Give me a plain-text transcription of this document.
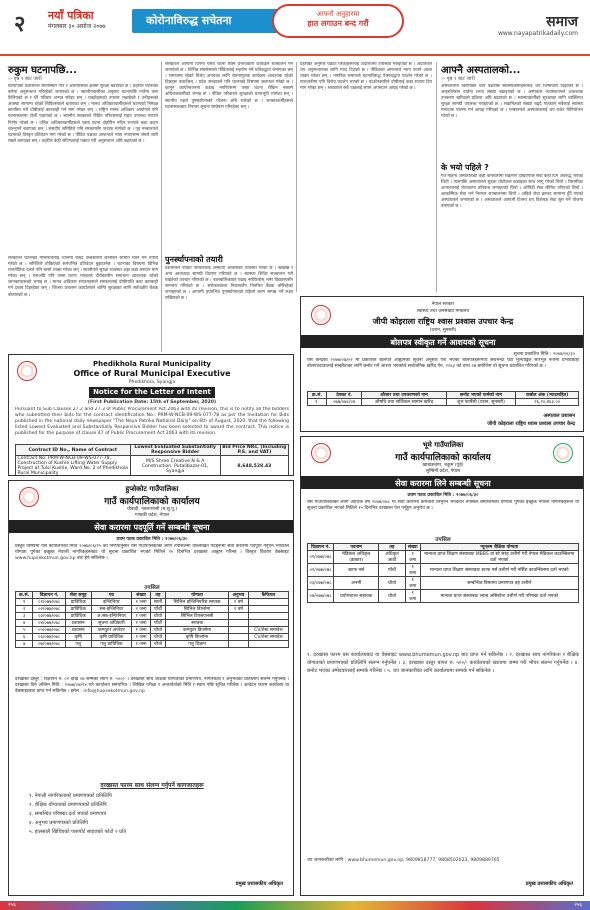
२ नयाँ पत्रिका
मंगलबार ३० असोज २०७७	कोरोनाविरुद्ध सचेतना	आफ्नो अनुहारमा
हात लगाउन बन्द गरौं	समाज
www.nayapatrikadaily.com
रुकुम घटनापछि...
›› पृष्ठ १ बाट जारी
घटनापछि प्रशासनले सोतीस्थित गाउँ र आसपासका क्षेत्रमा सुरक्षा बढाएको छ । प्रहरीले घटनाका बारेमा अनुसन्धान गरिरहेको जनाएको छ । स्थानीयवासीका अनुसार घटनापछि गाउँमा त्रास फैलिएको छ र धेरै परिवार अन्यत्र सरेका छन् । घाइतेहरूको उपचार भइरहेको र उनीहरूको अवस्था सामान्य रहेको चिकित्सकले बताएका छन् । मानव अधिकारकर्मीहरूले घटनाको निष्पक्ष छानबिन गरी दोषीलाई कारबाही गर्न माग गरेका छन् । राष्ट्रिय मानव अधिकार आयोगले पनि घटनास्थलमा टोली पठाएको छ । स्थानीय सरकारले पीडित परिवारलाई राहत उपलब्ध गराउने निर्णय गरेको छ । दलित अधिकारकर्मीहरूले यस्ता घटना दोहोरिन नदिन राज्यले कडा कदम चाल्नुपर्ने बताएका छन् । संसदीय समितिले पनि सरकारसँग जवाफ मागेको छ । गृह मन्त्रालयले घटनाको विस्तृत प्रतिवेदन माग गरेको छ । पीडित पक्षका आफन्तले न्याय नपाएसम्म संघर्ष जारी राख्ने बताएका छन् । प्रहरीले केही संदिग्धलाई पक्राउ गरी अनुसन्धान अघि बढाएको छ ।
सरकारले घटनाको गम्भीरतालाई ध्यानमा राख्दै उच्चस्तरीय छानबिन समिति गठन गर्ने तयारी गरेको छ । समितिले तोकिएको समयभित्र प्रतिवेदन बुझाउनेछ । घटनाका विषयमा विभिन्न राजनीतिक दलले पनि चासो व्यक्त गरेका छन् । स्थानीयले सुरक्षा व्यवस्था अझ कडा बनाउन माग गरेका छन् । यसअघि पनि यस्ता घटना भएकाले दीर्घकालीन समाधान आवश्यक रहेको जानकारहरूको भनाइ छ । मानव अधिकार संगठनहरूले सरकारलाई दोषीमाथि कडा कारबाही गर्न दबाब दिइरहेका छन् । जिल्ला प्रशासन कार्यालयले शान्ति सुरक्षाका लागि सर्वपक्षीय बैठक बोलाएको छ ।
सरकारले आगामी दिनमा यस्ता घटना रोक्न प्रभावकारी कार्यक्रम सञ्चालन गर्ने जनाएको छ । विभिन्न संघसंस्थाले पीडितलाई सहयोग गर्ने प्रतिबद्धता जनाएका छन् । समाजमा रहेको विभेद अन्त्यका लागि चेतनामूलक कार्यक्रम आवश्यक रहेको विज्ञहरू बताउँछन् । प्रदेश सरकारले पनि घटनाको विषयमा छलफल गरेको छ । कानुन कार्यान्वयनमा कडाइ नगरिएसम्म यस्ता घटना रोकिन नसक्ने अधिकारकर्मीको भनाइ छ । पीडित परिवारले सुरक्षाको प्रत्याभूति मागेका छन् । स्थानीय तहले पुनर्स्थापनाको योजना अघि सारेको छ । सञ्चारकर्मीहरूले घटनास्थलबाट निरन्तर सूचना सम्प्रेषण गरिरहेका छन् ।
पुनर्स्थापनाको तयारी
प्रशासनले पीडित परिवारलाई अस्थायी आवासको व्यवस्था गरेको छ । खाद्यान्न र अन्य आवश्यक सामग्री वितरण गरिएको छ । स्वास्थ्य शिविर सञ्चालन गरी घाइतेको उपचार गरिएको छ । बालबालिकाको पढाइ नरोकियोस् भनेर विद्यालयसँग समन्वय गरिएको छ । सरोकारवाला निकायसँग नियमित बैठक बसिरहेको जनाइएको छ । आगामी हप्ताभित्र पुनर्स्थापनाको पहिलो चरण सम्पन्न गर्ने लक्ष्य राखिएको छ ।
प्रहरीका अनुसार पक्राउ परेकाहरूलाई अदालतमा उपस्थित गराइएको छ । अदालतले थप अनुसन्धानका लागि म्याद दिएको छ । पीडितका आफन्तले न्याय पाउने आशा व्यक्त गरेका छन् । नागरिक समाजले घटनाविरुद्ध ऐक्यबद्धता प्रदर्शन गरेको छ । राजधानीमा पनि विरोध प्रदर्शन भएको छ । प्रदर्शनकारीले दोषीलाई कडा सजाय दिन माग गरेका छन् । सरकारले सबै पक्षलाई संयम अपनाउन आग्रह गरेको छ ।
आफ्नै अस्पतालको...
›› पृष्ठ १ बाट जारी
अस्पतालमा बिरामीको चाप बढेपछि स्वास्थ्यकर्मीहरूलाई थप जिम्मेवारी दिइएको छ । आइसोलेसन वार्डमा शय्या संख्या बढाइएको छ । अस्पताल व्यवस्थापनले आवश्यक उपकरण खरिदको प्रक्रिया अघि बढाएको छ । स्वास्थ्यकर्मीको सुरक्षाका लागि व्यक्तिगत सुरक्षा सामग्री उपलब्ध गराइएको छ । संक्रमितको संख्या बढ्दै गएकाले सबैलाई स्वास्थ्य मापदण्ड पालना गर्न आग्रह गरिएको छ । मन्त्रालयले अस्पताललाई थप बजेट विनियोजन गरेको छ ।
के भयो पहिले ?
गत महिना अस्पतालका केही कर्मचारीमा संक्रमण देखिएपछि सेवा केही दिन अवरुद्ध भएको थियो । त्यसपछि अस्पतालले सुरक्षा प्रोटोकल कडाइका साथ लागु गरेको थियो । बिरामीका आफन्तलाई भेटघाटमा प्रतिबन्ध लगाइएको थियो । ओपिडी सेवा सीमित गरिएको थियो । आकस्मिक सेवा भने निरन्तर सञ्चालनमा थियो । अहिले सेवा क्रमशः सामान्य हुँदै गएको अस्पतालले जनाएको छ । अस्पतालले आगामी दिनमा थप विशेषज्ञ सेवा सुरु गर्ने योजना बनाएको छ ।
Phedikhola Rural Municipality
Office of Rural Municipal Executive
Phedikhola, Syangja
Notice for the Letter of Intent
(First Publication Date: 15th of September, 2020)
Pursuant to Sub Clauses 27.2 and 27.3 of Public Procurement Act 2063 with its revision, this is to notify all the bidders who submitted their bids for the contract identification No.: PRM-W-NCB-09-WS-077-78 as per the Invitation for Bids published in the national daily newspaper "The Naya Patrika National Daily" on 6th of August, 2020, that the following listed Lowest Evaluated and Substantially Responsive Bidder has been selected to award the contract. This notice is published for the purpose of clause 47 of Public Procurement Act 2063 with its revision.
Contract ID No., Name of Contract	Lowest Evaluated Substantially Responsive Bidder	Bid Price NRs. (Including P.S. and VAT)
Contract No: PRM-W-NCB-09-WS-077-78, Construction of Kushle Lifting Water Supply Project at Tulsi Kushle, Ward No. 2 of Phedikhola Rural Municipality	M/S Shree Creative N & A Construction, Putalibazar-01, Syangja	8,648,528.43
नेपाल सरकार
स्वास्थ्य तथा जनसंख्या मन्त्रालय
जीपी कोइराला राष्ट्रिय श्वास प्रश्वास उपचार केन्द्र
(धरान, सुनसरी)
बोलपत्र स्वीकृत गर्ने आशयको सूचना
सूचना प्रकाशित मिति : २०७७/०६/३०
यस केन्द्रको २०७७/०७/०२ मा प्रकाशित बोलपत्र आह्वानको सूचना अनुसार पेश भएका बोलपत्रहरूमध्ये सबैभन्दा घटी मूल्याङ्कित सारभूत रूपमा प्रभावग्राही बोलपत्रदातालाई सम्झौताका लागि छनोट गर्ने आशय भएकोले सार्वजनिक खरिद ऐन, २०६३ को दफा २७ बमोजिम यो सूचना प्रकाशित गरिएको छ ।
क्र.सं.	ठेक्का नं.	औजार तथा उपकरणको नाम	छनोट भएको फर्मको नाम	कबोल अंक (भ्याटसहित)
१.	०७७/०७८/०४	औषधि तथा सर्जिकल सामान खरिद	शुभ फार्मेसी (धरान, सुनसरी)	२६,२०,४६३.००
अस्पताल प्रशासन
जीपी कोइराला राष्ट्रिय श्वास प्रश्वास उपचार केन्द्र
हुप्सेकोट गाउँपालिका
गाउँ कार्यपालिकाको कार्यालय
धौबादी, नवलपरासी (ब.सु.पू.)
गण्डकी प्रदेश, नेपाल
सेवा करारमा पदपूर्ति गर्ने सम्बन्धी सूचना
प्रथम पटक प्रकाशित मिति : २०७७/०६/३०
प्रस्तुत विषयमा यस कार्यालयको मिति २०७७/०६/२५ को निर्णयानुसार यस गाउँपालिकाको लागि तपसिलमा उल्लिखित पदहरूमा सेवा करारमा पदपूर्ति गर्नुपर्ने भएकोले योग्यता पुगेका इच्छुक नेपाली नागरिकहरूबाट यो सूचना प्रकाशित भएको मितिले १५ दिनभित्र दरखास्त आह्वान गरिन्छ । विस्तृत विवरण वेबसाइट www.hupsekotmun.gov.np बाट हेर्न सकिनेछ ।
तपसिल
क्र.सं.	विज्ञापन नं.	सेवा समूह	पद	संख्या	तह	योग्यता	अनुभव	कैफियत
१	०१/०७७/०७८	प्राविधिक	इन्जिनियर	१ जना	सातौं	सिभिल इन्जिनियरिङ स्नातक	१ वर्ष	
२	०२/०७७/०७८	प्राविधिक	सब-इन्जिनियर	२ जना	पाँचौं	सिभिल डिप्लोमा	१ वर्ष	
३	०३/०७७/०७८	प्राविधिक	अ.सब-इन्जिनियर	१ जना	चौथो	सिभिल टिएसएलसी		
४	०४/०७७/०७८	प्रशासन	सूचना अधिकारी	१ जना	पाँचौं	स्नातक		
५	०५/०७७/०७८	प्रशासन	कम्प्युटर अपरेटर	१ जना	चौथो	कम्प्युटर डिप्लोमा		CV/टेस्ट समावेश
६	०६/०७७/०७८	कृषि	कृषि प्राविधिक	१ जना	चौथो	कृषि डिप्लोमा		CV/टेस्ट समावेश
७	०७/०७७/०७८	पशु	पशु प्राविधिक	१ जना	चौथो	पशु विज्ञान		
दरखास्त दस्तुर : विज्ञापन नं. ०१ देखि ०७ सम्मका लागि रु. ५००/- । दरखास्त साथ शैक्षिक योग्यताका प्रमाणपत्र, नागरिकता र अनुभवको प्रतिलिपि संलग्न गर्नुपर्नेछ । दरखास्त दिने अन्तिम मिति : २०७७/०७/१४ गते कार्यालय समयभित्र । लिखित परीक्षा र अन्तर्वार्ताको मिति र स्थान पछि सूचित गरिनेछ । आवेदन फारम कार्यालय वा वेबसाइटबाट प्राप्त गर्न सकिनेछ । इमेल : info@hupsekotmun.gov.np
दरखास्त फारम साथ संलग्न गर्नुपर्ने कागजातहरू
१. नेपाली नागरिकताको प्रमाणपत्रको प्रतिलिपि
२. शैक्षिक योग्यताको प्रमाणपत्रको प्रतिलिपि
३. सम्बन्धित परिषद्मा दर्ता भएको प्रमाणपत्र
४. अनुभव प्रमाणपत्रको प्रतिलिपि
५. हालसालै खिचिएको पासपोर्ट साइजको फोटो २ प्रति
प्रमुख प्रशासकीय अधिकृत
भूमे गाउँपालिका
गाउँ कार्यपालिकाको कार्यालय
खाबाङबगर, रुकुम (पूर्व)
लुम्बिनी प्रदेश, नेपाल
सेवा करारमा लिने सम्बन्धी सूचना
प्रथम पटक प्रकाशित मिति : २०७७/०६/३०
यस गाउँपालिकाको लागि आर्थिक वर्ष २०७७/०७८ मा सेवा करारमा कर्मचारी लिनुपर्ने भएकोले तपसिल बमोजिमको योग्यता पुगेका इच्छुक नेपाली नागरिकहरूले यो सूचना प्रकाशित भएको मितिले १५ दिनभित्र दरखास्त पेश गर्नुहुन अनुरोध छ ।
तपसिल
विज्ञापन नं.	पदनाम	तह	संख्या	न्यूनतम शैक्षिक योग्यता
०१/०७७/०७८	मेडिकल अधिकृत (डाक्टर)	अधिकृत आठौं	१ जना	मान्यता प्राप्त शिक्षण संस्थाबाट MBBS वा सो सरह उत्तीर्ण गरी नेपाल मेडिकल काउन्सिलमा दर्ता भएको
०२/०७७/०७८	स्टाफ नर्स	पाँचौं	१ जना	मान्यता प्राप्त शिक्षण संस्थाबाट स्टाफ नर्स उत्तीर्ण गरी नर्सिङ काउन्सिलमा दर्ता भएको
०३/०७७/०७८	अनमी	चौथो	१ जना	सम्बन्धित विषयमा प्रमाणपत्र तह उत्तीर्ण
०४/०७७/०७८	प्रयोगशाला सहायक	चौथो	१ जना	मान्यता प्राप्त संस्थाबाट ल्याब असिस्टेन्ट उत्तीर्ण गरी परिषद्मा दर्ता भएको
१. दरखास्त फारम यस कार्यालयबाट वा वेबसाइट www.bhumemun.gov.np बाट प्राप्त गर्न सकिनेछ । २. दरखास्त साथ नागरिकता र शैक्षिक योग्यताको प्रमाणपत्रको प्रतिलिपि संलग्न गर्नुपर्नेछ । ३. दरखास्त दस्तुर बापत रु. ५००/- कार्यालयको खातामा जम्मा गरी भौचर संलग्न गर्नुपर्नेछ । ४. छनोट भएका उम्मेदवारलाई सम्पर्क गरिनेछ । ५. थप जानकारीका लागि कार्यालयमा सम्पर्क गर्न सकिनेछ ।
थप जानकारीका लागि : www.bhumemun.gov.np, 9809818777, 9808502023, 9809889765
प्रमुख प्रशासकीय अधिकृत
२५६	२५६
